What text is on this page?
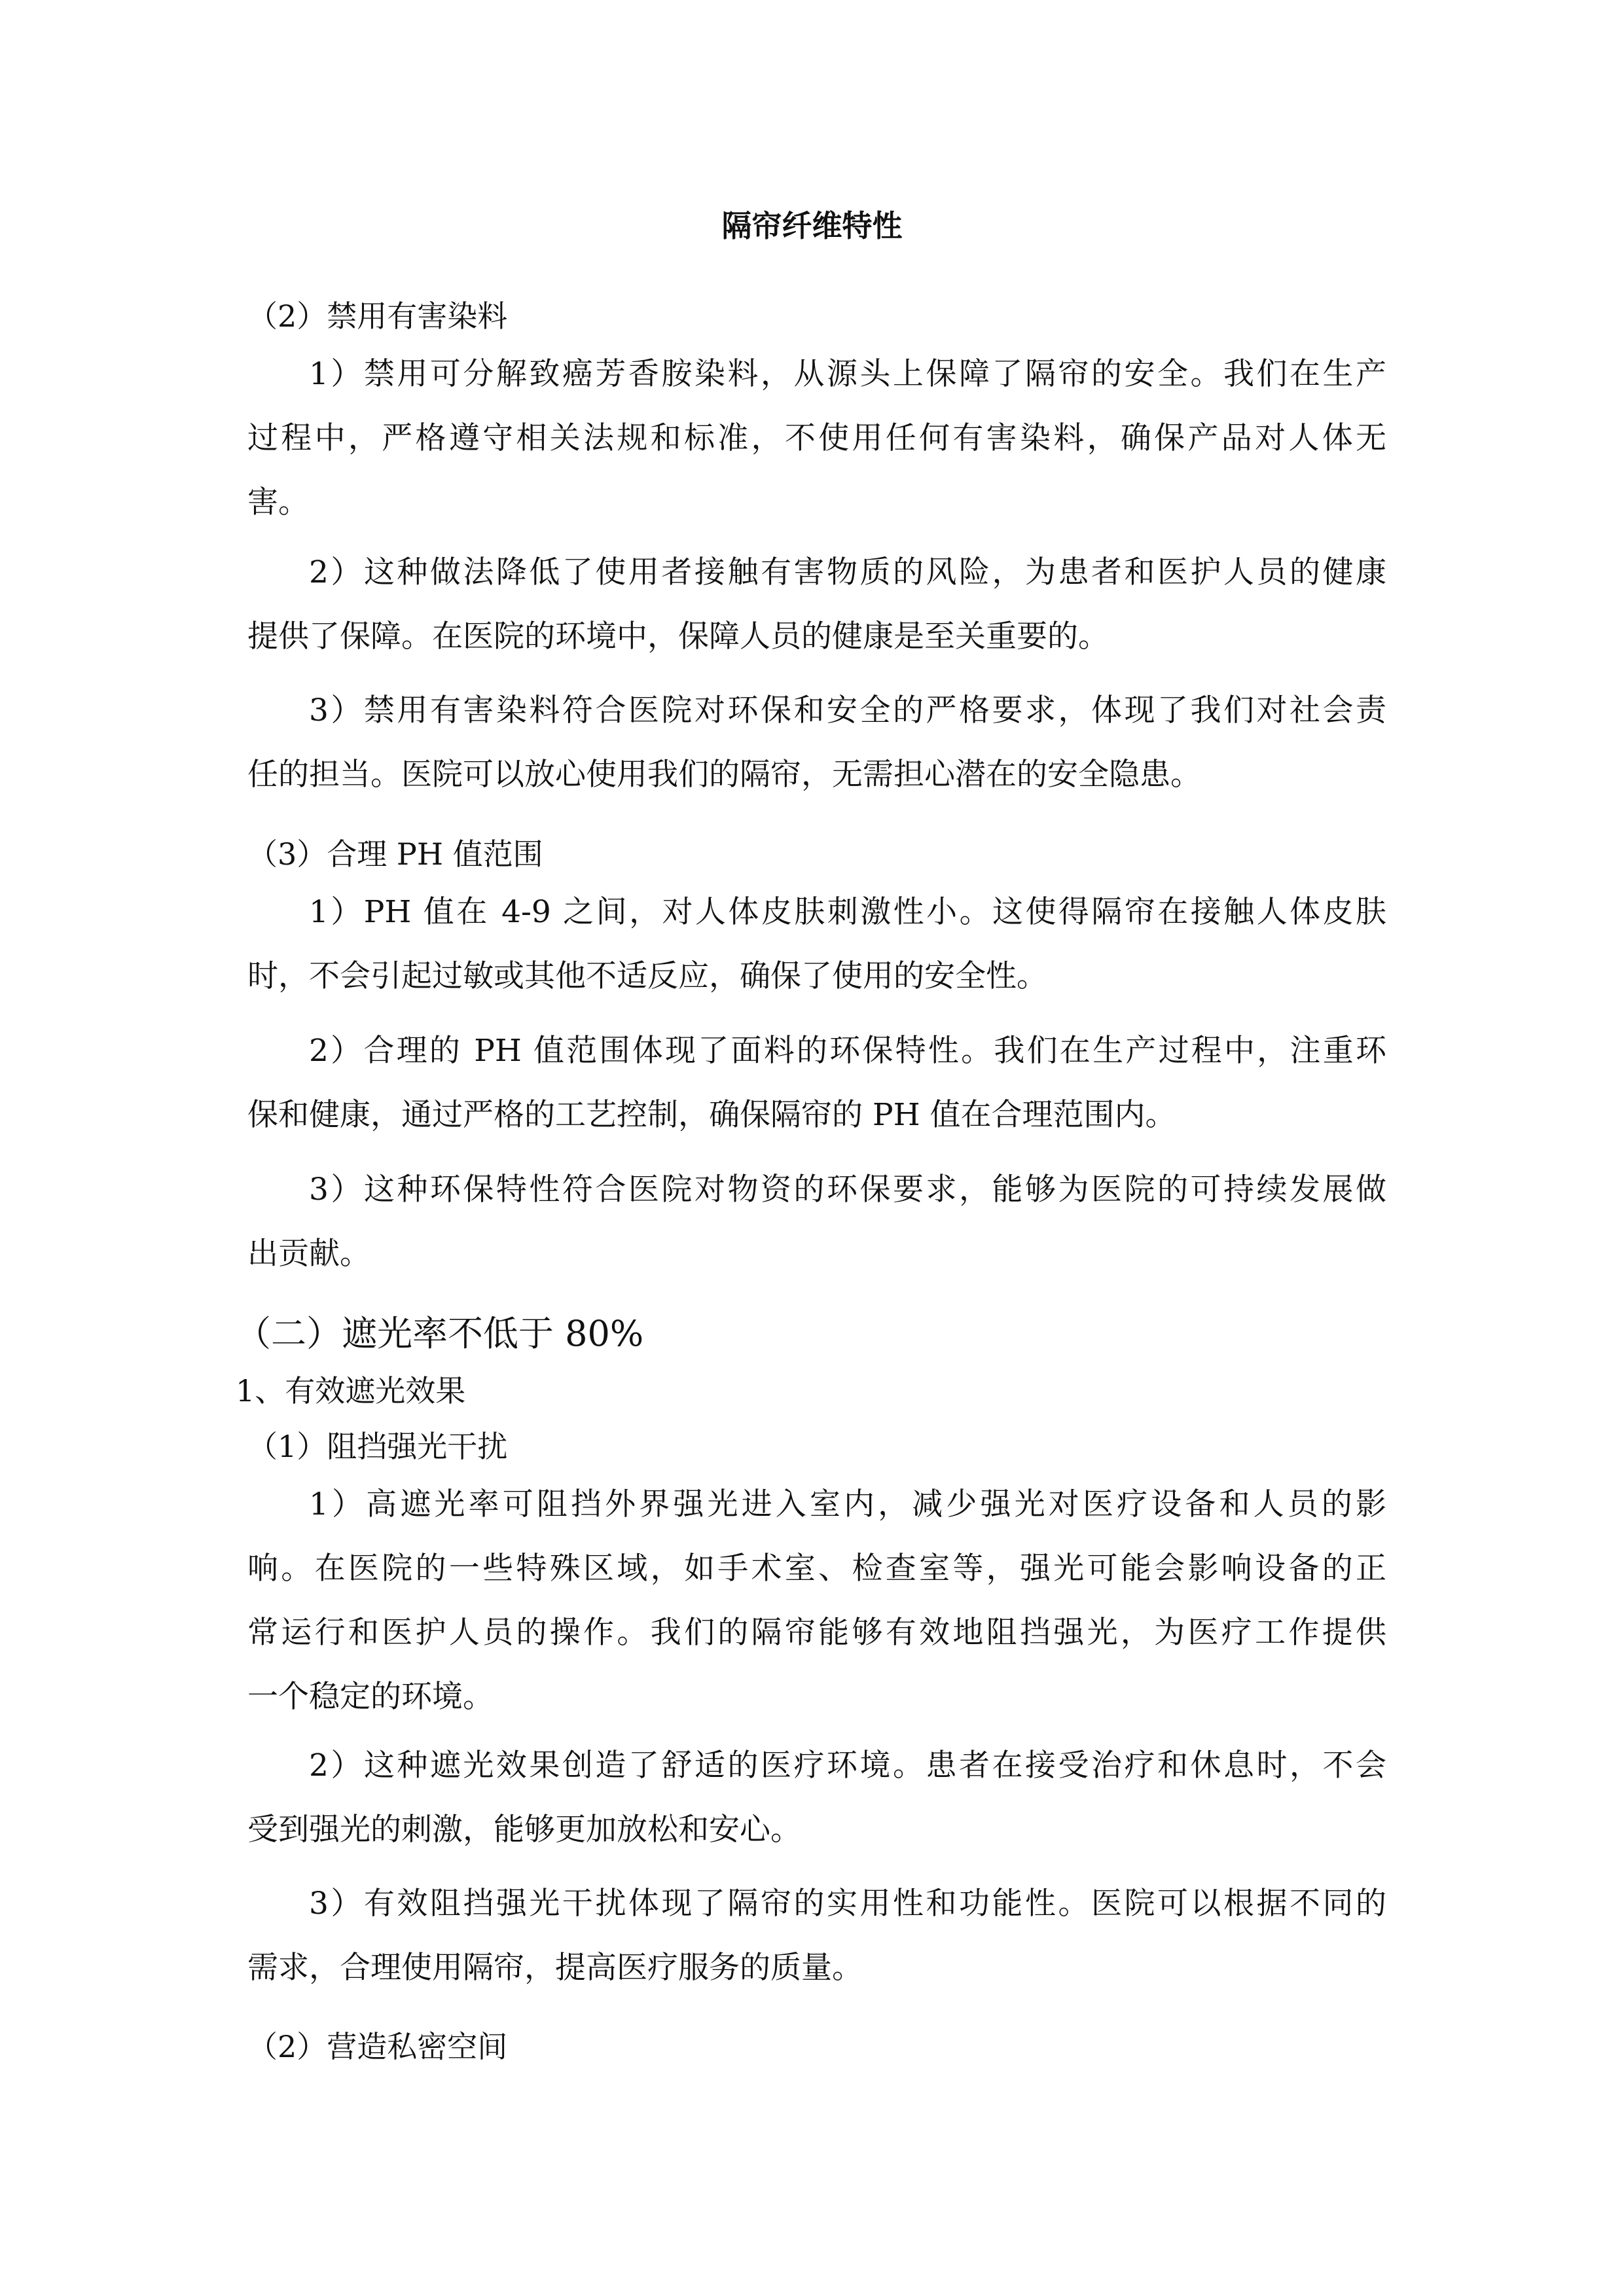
隔帘纤维特性
（2）禁用有害染料
1）禁用可分解致癌芳香胺染料，从源头上保障了隔帘的安全。我们在生产
过程中，严格遵守相关法规和标准，不使用任何有害染料，确保产品对人体无
害。
2）这种做法降低了使用者接触有害物质的风险，为患者和医护人员的健康
提供了保障。在医院的环境中，保障人员的健康是至关重要的。
3）禁用有害染料符合医院对环保和安全的严格要求，体现了我们对社会责
任的担当。医院可以放心使用我们的隔帘，无需担心潜在的安全隐患。
（3）合理 PH 值范围
1）PH 值在 4-9 之间，对人体皮肤刺激性小。这使得隔帘在接触人体皮肤
时，不会引起过敏或其他不适反应，确保了使用的安全性。
2）合理的 PH 值范围体现了面料的环保特性。我们在生产过程中，注重环
保和健康，通过严格的工艺控制，确保隔帘的 PH 值在合理范围内。
3）这种环保特性符合医院对物资的环保要求，能够为医院的可持续发展做
出贡献。
（二）遮光率不低于 80%
1、有效遮光效果
（1）阻挡强光干扰
1）高遮光率可阻挡外界强光进入室内，减少强光对医疗设备和人员的影
响。在医院的一些特殊区域，如手术室、检查室等，强光可能会影响设备的正
常运行和医护人员的操作。我们的隔帘能够有效地阻挡强光，为医疗工作提供
一个稳定的环境。
2）这种遮光效果创造了舒适的医疗环境。患者在接受治疗和休息时，不会
受到强光的刺激，能够更加放松和安心。
3）有效阻挡强光干扰体现了隔帘的实用性和功能性。医院可以根据不同的
需求，合理使用隔帘，提高医疗服务的质量。
（2）营造私密空间
